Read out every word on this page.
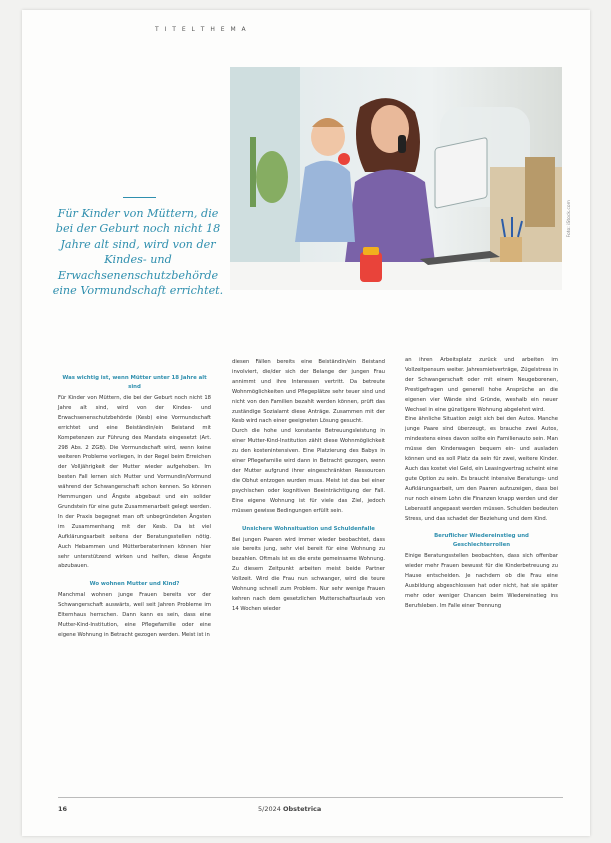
T I T E L T H E M A
Foto: iStock.com
Für Kinder von Müttern, die bei der Geburt noch nicht 18 Jahre alt sind, wird von der Kindes- und Erwachsenenschutzbehörde eine Vormundschaft errichtet.
Was wichtig ist, wenn Mütter unter 18 Jahre alt sind

Für Kinder von Müttern, die bei der Geburt noch nicht 18 Jahre alt sind, wird von der Kindes- und Erwachsenenschutzbehörde (Kesb) eine Vormundschaft errichtet und eine Beiständin/ein Beistand mit Kompetenzen zur Führung des Mandats eingesetzt (Art. 298 Abs. 2 ZGB). Die Vormundschaft wird, wenn keine weiteren Probleme vorliegen, in der Regel beim Erreichen der Volljährigkeit der Mutter wieder aufgehoben. Im besten Fall lernen sich Mutter und Vormundin/Vormund während der Schwangerschaft schon kennen. So können Hemmungen und Ängste abgebaut und ein solider Grundstein für eine gute Zusammenarbeit gelegt werden. In der Praxis begegnet man oft unbegründeten Ängsten im Zusammenhang mit der Kesb. Da ist viel Aufklärungsarbeit seitens der Beratungsstellen nötig. Auch Hebammen und Mütterberaterinnen können hier sehr unterstützend wirken und helfen, diese Ängste abzubauen.

Wo wohnen Mutter und Kind?

Manchmal wohnen junge Frauen bereits vor der Schwangerschaft auswärts, weil seit Jahren Probleme im Elternhaus herrschen. Dann kann es sein, dass eine Mutter-Kind-Institution, eine Pflegefamilie oder eine eigene Wohnung in Betracht gezogen werden. Meist ist in

diesen Fällen bereits eine Beiständin/ein Beistand involviert, die/der sich der Belange der jungen Frau annimmt und ihre Interessen vertritt. Da betreute Wohnmöglichkeiten und Pflegeplätze sehr teuer sind und nicht von den Familien bezahlt werden können, prüft das zuständige Sozialamt diese Anträge. Zusammen mit der Kesb wird nach einer geeigneten Lösung gesucht.

Durch die hohe und konstante Betreuungsleistung in einer Mutter-Kind-Institution zählt diese Wohnmöglichkeit zu den kostenintensiven. Eine Platzierung des Babys in einer Pflegefamilie wird dann in Betracht gezogen, wenn der Mutter aufgrund ihrer eingeschränkten Ressourcen die Obhut entzogen wurden muss. Meist ist das bei einer psychischen oder kognitiven Beeinträchtigung der Fall. Eine eigene Wohnung ist für viele das Ziel, jedoch müssen gewisse Bedingungen erfüllt sein.

Unsichere Wohnsituation und Schuldenfalle

Bei jungen Paaren wird immer wieder beobachtet, dass sie bereits jung, sehr viel bereit für eine Wohnung zu bezahlen. Oftmals ist es die erste gemeinsame Wohnung. Zu diesem Zeitpunkt arbeiten meist beide Partner Vollzeit. Wird die Frau nun schwanger, wird die teure Wohnung schnell zum Problem. Nur sehr wenige Frauen kehren nach dem gesetzlichen Mutterschaftsurlaub von 14 Wochen wieder

an ihren Arbeitsplatz zurück und arbeiten im Vollzeitpensum weiter. Jahresmietverträge, Zügelstress in der Schwangerschaft oder mit einem Neugeborenen, Prestigefragen und generell hohe Ansprüche an die eigenen vier Wände sind Gründe, weshalb ein neuer Wechsel in eine günstigere Wohnung abgelehnt wird.

Eine ähnliche Situation zeigt sich bei den Autos. Manche junge Paare sind überzeugt, es brauche zwei Autos, mindestens eines davon sollte ein Familienauto sein. Man müsse den Kinderwagen bequem ein- und ausladen können und es soll Platz da sein für zwei, weitere Kinder. Auch das kostet viel Geld, ein Leasingvertrag scheint eine gute Option zu sein. Es braucht intensive Beratungs- und Aufklärungsarbeit, um den Paaren aufzuzeigen, dass bei nur noch einem Lohn die Finanzen knapp werden und der Lebensstil angepasst werden müssen. Schulden bedeuten Stress, und das schadet der Beziehung und dem Kind.

Beruflicher Wiedereinstieg und Geschlechterrollen

Einige Beratungsstellen beobachten, dass sich offenbar wieder mehr Frauen bewusst für die Kinderbetreuung zu Hause entscheiden. Je nachdem ob die Frau eine Ausbildung abgeschlossen hat oder nicht, hat sie später mehr oder weniger Chancen beim Wiedereinstieg ins Berufsleben. Im Falle einer Trennung

16	5/2024 Obstetrica
